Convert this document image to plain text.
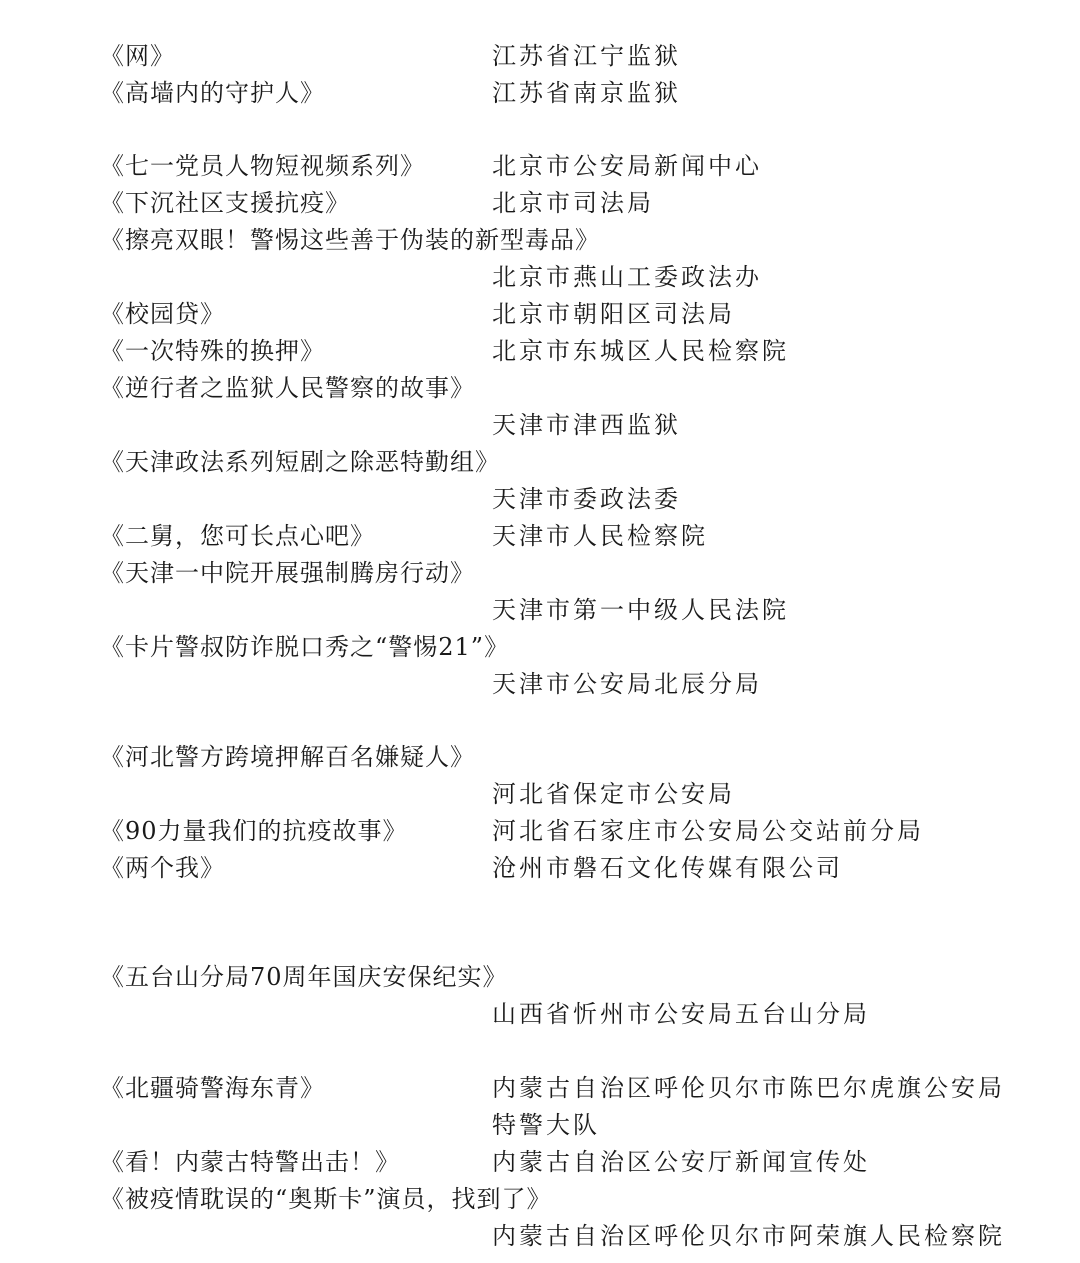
《网》	江苏省江宁监狱
《高墙内的守护人》	江苏省南京监狱
《七一党员人物短视频系列》	北京市公安局新闻中心
《下沉社区支援抗疫》	北京市司法局
《擦亮双眼！警惕这些善于伪装的新型毒品》
北京市燕山工委政法办
《校园贷》	北京市朝阳区司法局
《一次特殊的换押》	北京市东城区人民检察院
《逆行者之监狱人民警察的故事》
天津市津西监狱
《天津政法系列短剧之除恶特勤组》
天津市委政法委
《二舅，您可长点心吧》	天津市人民检察院
《天津一中院开展强制腾房行动》
天津市第一中级人民法院
《卡片警叔防诈脱口秀之“警惕21”》
天津市公安局北辰分局
《河北警方跨境押解百名嫌疑人》
河北省保定市公安局
《90力量我们的抗疫故事》	河北省石家庄市公安局公交站前分局
《两个我》	沧州市磐石文化传媒有限公司
《五台山分局70周年国庆安保纪实》
山西省忻州市公安局五台山分局
《北疆骑警海东青》	内蒙古自治区呼伦贝尔市陈巴尔虎旗公安局
特警大队
《看！内蒙古特警出击！》	内蒙古自治区公安厅新闻宣传处
《被疫情耽误的“奥斯卡”演员，找到了》
内蒙古自治区呼伦贝尔市阿荣旗人民检察院
